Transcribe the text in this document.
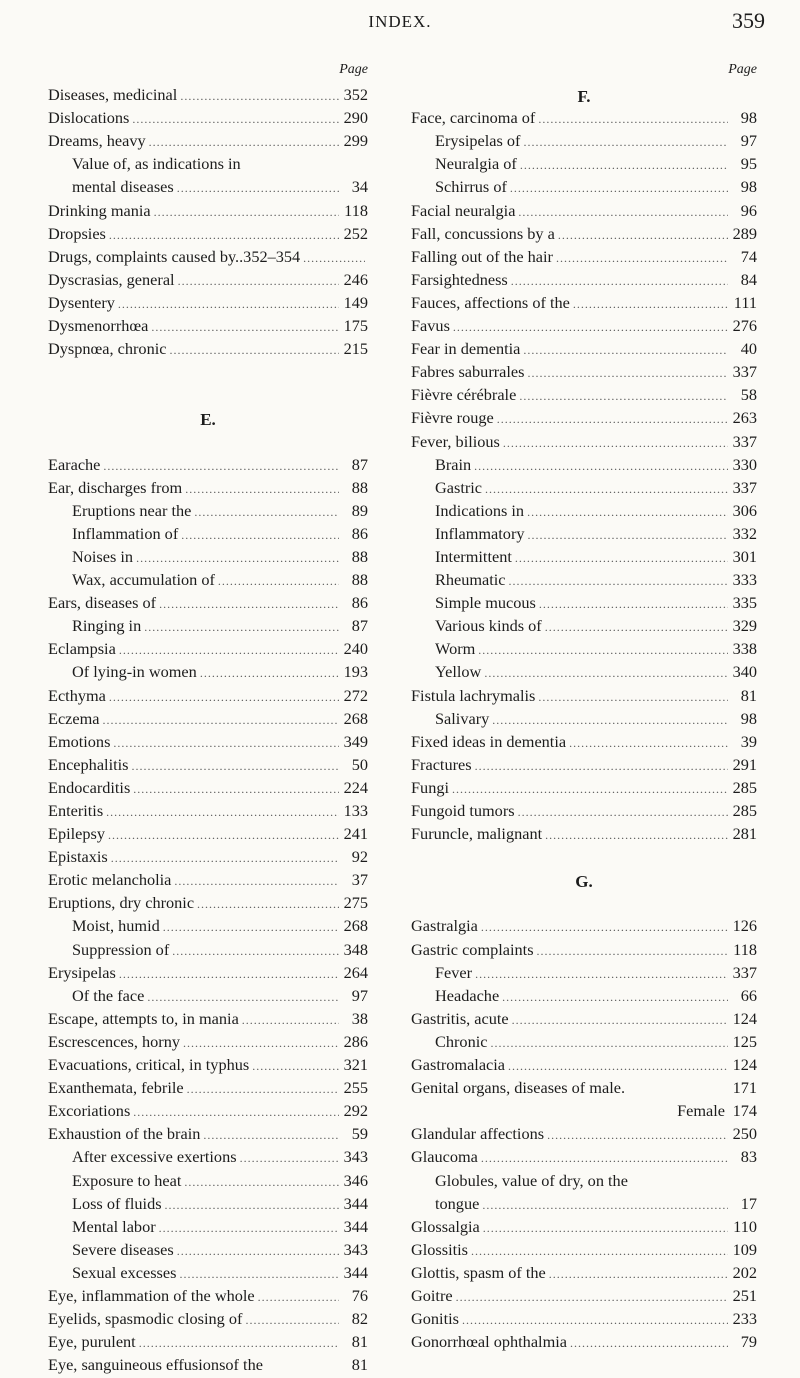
INDEX.	359
Page
Diseases, medicinal .....	352
Dislocations .....	290
Dreams, heavy .....	299
Value of, as indications in
mental diseases .....	34
Drinking mania .....	118
Dropsies .....	252
Drugs, complaints caused by..352–354
.....
Dyscrasias, general .....	246
Dysentery .....	149
Dysmenorrhœa .....	175
Dyspnœa, chronic .....	215
E.
Earache .....	87
Ear, discharges from .....	88
Eruptions near the .....	89
Inflammation of .....	86
Noises in .....	88
Wax, accumulation of .....	88
Ears, diseases of .....	86
Ringing in .....	87
Eclampsia .....	240
Of lying-in women .....	193
Ecthyma .....	272
Eczema .....	268
Emotions .....	349
Encephalitis .....	50
Endocarditis .....	224
Enteritis .....	133
Epilepsy .....	241
Epistaxis .....	92
Erotic melancholia .....	37
Eruptions, dry chronic .....	275
Moist, humid .....	268
Suppression of .....	348
Erysipelas .....	264
Of the face .....	97
Escape, attempts to, in mania .....	38
Escrescences, horny .....	286
Evacuations, critical, in typhus .....	321
Exanthemata, febrile .....	255
Excoriations .....	292
Exhaustion of the brain .....	59
After excessive exertions .....	343
Exposure to heat .....	346
Loss of fluids .....	344
Mental labor .....	344
Severe diseases .....	343
Sexual excesses .....	344
Eye, inflammation of the whole .....	76
Eyelids, spasmodic closing of .....	82
Eye, purulent .....	81
Eye, sanguineous effusionsof the	81
Page
F.
Face, carcinoma of .....	98
Erysipelas of .....	97
Neuralgia of .....	95
Schirrus of .....	98
Facial neuralgia .....	96
Fall, concussions by a .....	289
Falling out of the hair .....	74
Farsightedness .....	84
Fauces, affections of the .....	111
Favus .....	276
Fear in dementia .....	40
Fabres saburrales .....	337
Fièvre cérébrale .....	58
Fièvre rouge .....	263
Fever, bilious .....	337
Brain .....	330
Gastric .....	337
Indications in .....	306
Inflammatory .....	332
Intermittent .....	301
Rheumatic .....	333
Simple mucous .....	335
Various kinds of .....	329
Worm .....	338
Yellow .....	340
Fistula lachrymalis .....	81
Salivary .....	98
Fixed ideas in dementia .....	39
Fractures .....	291
Fungi .....	285
Fungoid tumors .....	285
Furuncle, malignant .....	281
G.
Gastralgia .....	126
Gastric complaints .....	118
Fever .....	337
Headache .....	66
Gastritis, acute .....	124
Chronic .....	125
Gastromalacia .....	124
Genital organs, diseases of male.	171
Female 174
Glandular affections .....	250
Glaucoma .....	83
Globules, value of dry, on the
tongue .....	17
Glossalgia .....	110
Glossitis .....	109
Glottis, spasm of the .....	202
Goitre .....	251
Gonitis .....	233
Gonorrhœal ophthalmia .....	79
